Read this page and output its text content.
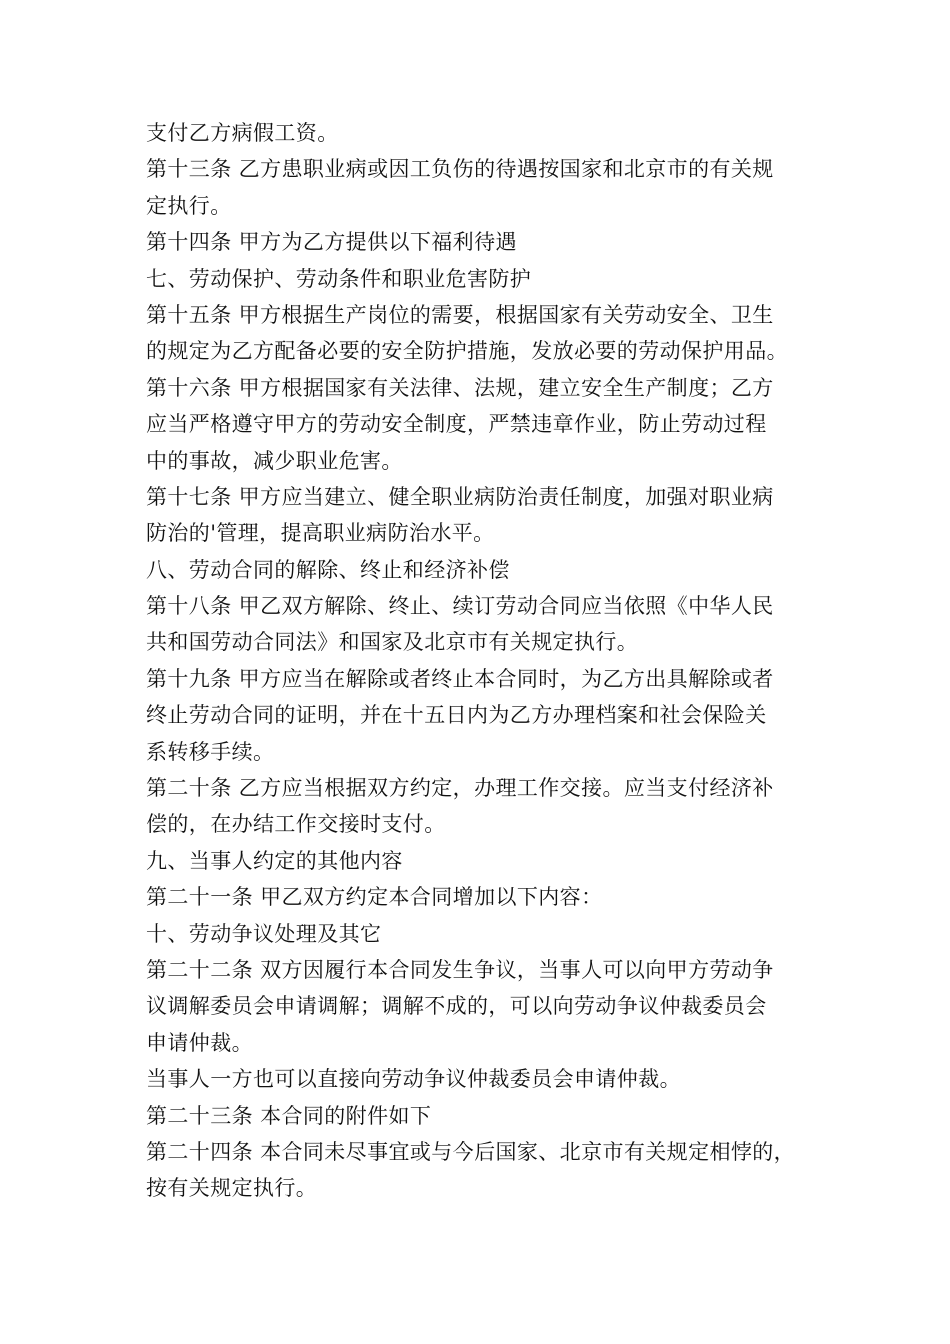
支付乙方病假工资。
第十三条 乙方患职业病或因工负伤的待遇按国家和北京市的有关规
定执行。
第十四条 甲方为乙方提供以下福利待遇
七、劳动保护、劳动条件和职业危害防护
第十五条 甲方根据生产岗位的需要，根据国家有关劳动安全、卫生
的规定为乙方配备必要的安全防护措施，发放必要的劳动保护用品。
第十六条 甲方根据国家有关法律、法规，建立安全生产制度；乙方
应当严格遵守甲方的劳动安全制度，严禁违章作业，防止劳动过程
中的事故，减少职业危害。
第十七条 甲方应当建立、健全职业病防治责任制度，加强对职业病
防治的'管理，提高职业病防治水平。
八、劳动合同的解除、终止和经济补偿
第十八条 甲乙双方解除、终止、续订劳动合同应当依照《中华人民
共和国劳动合同法》和国家及北京市有关规定执行。
第十九条 甲方应当在解除或者终止本合同时，为乙方出具解除或者
终止劳动合同的证明，并在十五日内为乙方办理档案和社会保险关
系转移手续。
第二十条 乙方应当根据双方约定，办理工作交接。应当支付经济补
偿的，在办结工作交接时支付。
九、当事人约定的其他内容
第二十一条 甲乙双方约定本合同增加以下内容：
十、劳动争议处理及其它
第二十二条 双方因履行本合同发生争议，当事人可以向甲方劳动争
议调解委员会申请调解；调解不成的，可以向劳动争议仲裁委员会
申请仲裁。
当事人一方也可以直接向劳动争议仲裁委员会申请仲裁。
第二十三条 本合同的附件如下
第二十四条 本合同未尽事宜或与今后国家、北京市有关规定相悖的，
按有关规定执行。
